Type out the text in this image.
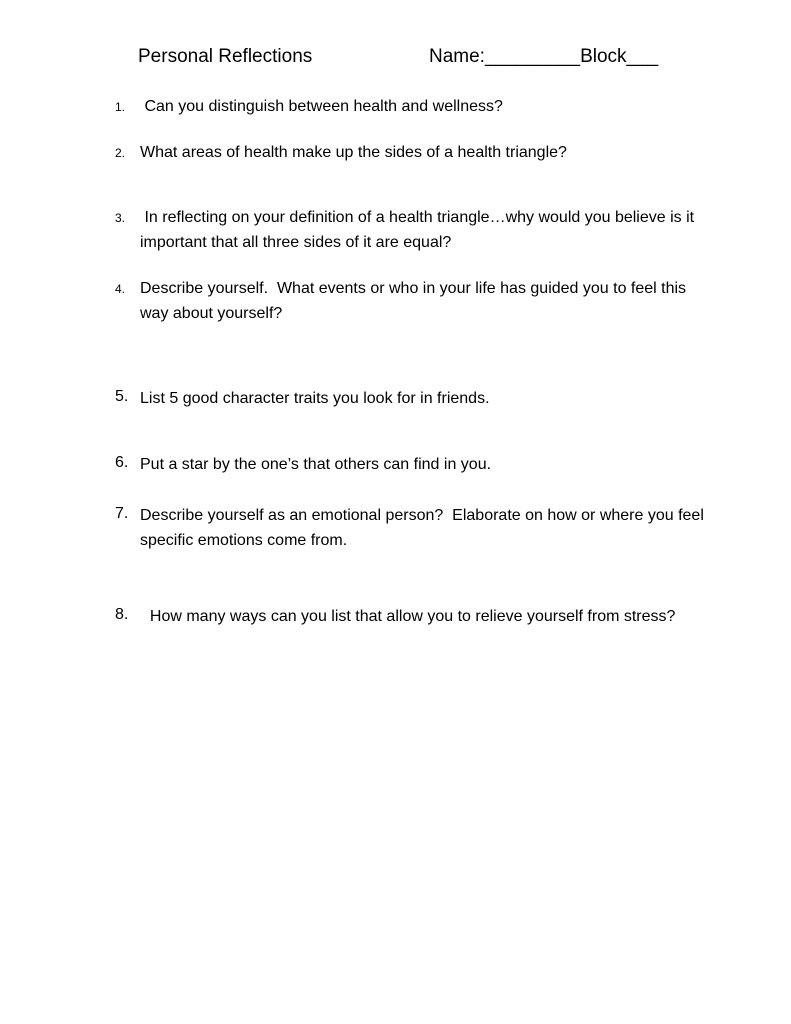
Personal Reflections	Name:_________Block___
1. Can you distinguish between health and wellness?
2. What areas of health make up the sides of a health triangle?
3. In reflecting on your definition of a health triangle…why would you believe is it important that all three sides of it are equal?
4. Describe yourself.  What events or who in your life has guided you to feel this way about yourself?
5. List 5 good character traits you look for in friends.
6. Put a star by the one’s that others can find in you.
7. Describe yourself as an emotional person?  Elaborate on how or where you feel specific emotions come from.
8. How many ways can you list that allow you to relieve yourself from stress?
